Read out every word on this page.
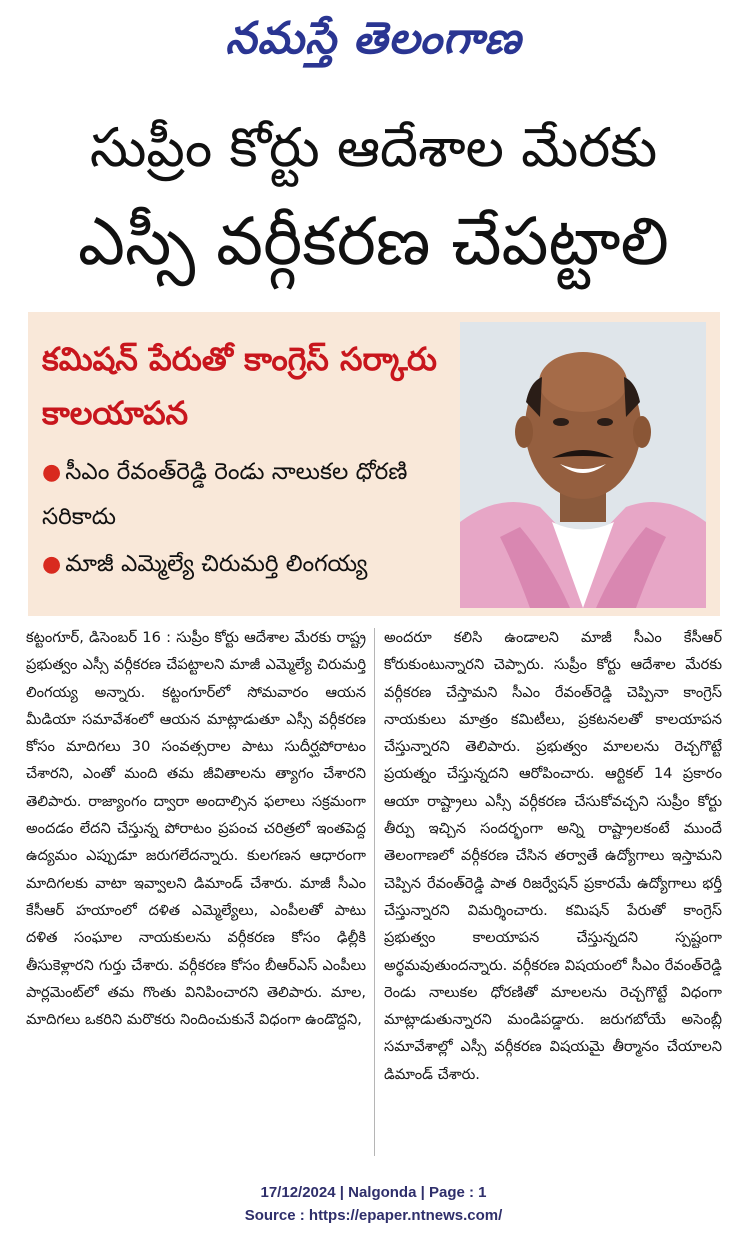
నమస్తే తెలంగాణ
సుప్రీం కోర్టు ఆదేశాల మేరకు
ఎస్సీ వర్గీకరణ చేపట్టాలి
కమిషన్ పేరుతో కాంగ్రెస్ సర్కారు కాలయాపన
● సీఎం రేవంత్‌రెడ్డి రెండు నాలుకల ధోరణి సరికాదు
● మాజీ ఎమ్మెల్యే చిరుమర్తి లింగయ్య
కట్టంగూర్, డిసెంబర్ 16 : సుప్రీం కోర్టు ఆదేశాల మేరకు రాష్ట్ర ప్రభుత్వం ఎస్సీ వర్గీకరణ చేపట్టాలని మాజీ ఎమ్మెల్యే చిరుమర్తి లింగయ్య అన్నారు. కట్టంగూర్‌లో సోమవారం ఆయన మీడియా సమావేశంలో ఆయన మాట్లాడుతూ ఎస్సీ వర్గీకరణ కోసం మాదిగలు 30 సంవత్సరాల పాటు సుదీర్ఘపోరాటం చేశారని, ఎంతో మంది తమ జీవితాలను త్యాగం చేశారని తెలిపారు. రాజ్యాంగం ద్వారా అందాల్సిన ఫలాలు సక్రమంగా అందడం లేదని చేస్తున్న పోరాటం ప్రపంచ చరిత్రలో ఇంతపెద్ద ఉద్యమం ఎప్పుడూ జరుగలేదన్నారు. కులగణన ఆధారంగా మాదిగలకు వాటా ఇవ్వాలని డిమాండ్ చేశారు. మాజీ సీఎం కేసీఆర్ హయాంలో దళిత ఎమ్మెల్యేలు, ఎంపీలతో పాటు దళిత సంఘాల నాయకులను వర్గీకరణ కోసం ఢిల్లీకి తీసుకెళ్లారని గుర్తు చేశారు. వర్గీకరణ కోసం బీఆర్ఎస్ ఎంపీలు పార్లమెంట్‌లో తమ గొంతు వినిపించారని తెలిపారు. మాల, మాదిగలు ఒకరిని మరొకరు నిందించుకునే విధంగా ఉండొద్దని,
అందరూ కలిసి ఉండాలని మాజీ సీఎం కేసీఆర్ కోరుకుంటున్నారని చెప్పారు. సుప్రీం కోర్టు ఆదేశాల మేరకు వర్గీకరణ చేస్తామని సీఎం రేవంత్‌రెడ్డి చెప్పినా కాంగ్రెస్ నాయకులు మాత్రం కమిటీలు, ప్రకటనలతో కాలయాపన చేస్తున్నారని తెలిపారు. ప్రభుత్వం మాలలను రెచ్చగొట్టే ప్రయత్నం చేస్తున్నదని ఆరోపించారు. ఆర్టికల్ 14 ప్రకారం ఆయా రాష్ట్రాలు ఎస్సీ వర్గీకరణ చేసుకోవచ్చని సుప్రీం కోర్టు తీర్పు ఇచ్చిన సందర్భంగా అన్ని రాష్ట్రాలకంటే ముందే తెలంగాణలో వర్గీకరణ చేసిన తర్వాతే ఉద్యోగాలు ఇస్తామని చెప్పిన రేవంత్‌రెడ్డి పాత రిజర్వేషన్ ప్రకారమే ఉద్యోగాలు భర్తీ చేస్తున్నారని విమర్శించారు. కమిషన్ పేరుతో కాంగ్రెస్ ప్రభుత్వం కాలయాపన చేస్తున్నదని స్పష్టంగా అర్థమవుతుందన్నారు. వర్గీకరణ విషయంలో సీఎం రేవంత్‌రెడ్డి రెండు నాలుకల ధోరణితో మాలలను రెచ్చగొట్టే విధంగా మాట్లాడుతున్నారని మండిపడ్డారు. జరుగబోయే అసెంబ్లీ సమావేశాల్లో ఎస్సీ వర్గీకరణ విషయమై తీర్మానం చేయాలని డిమాండ్ చేశారు.
17/12/2024 | Nalgonda | Page : 1
Source : https://epaper.ntnews.com/
